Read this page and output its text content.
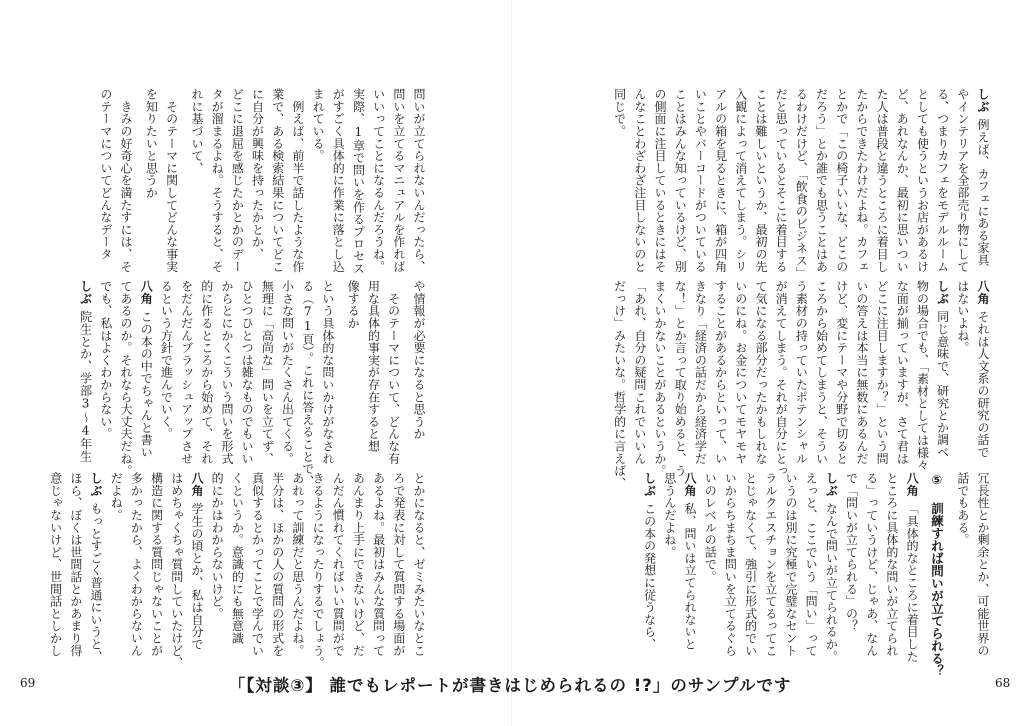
しぶ例えば、カフェにある家具
やインテリアを全部売り物にして
る、つまりカフェをモデルルーム
としても使うというお店があるけ
ど、あれなんか、最初に思いつい
た人は普段と違うところに着目し
たからできたわけだよね。カフェ
とかで「この椅子いいな、どこの
だろう」とか誰でも思うことはあ
るわけだけど、「飲食のビジネス」
だと思っているとそこに着目する
ことは難しいというか、最初の先
入観によって消えてしまう。シリ
アルの箱を見るときに、箱が四角
いことやバーコードがついている
ことはみんな知っているけど、別
の側面に注目しているときにはそ
んなことわざわざ注目しないのと
同じで。
八角それは人文系の研究の話で
はないよね。
しぶ同じ意味で、研究とか調べ
物の場合でも、「素材としては様々
な面が揃っていますが、さて君は
どこに注目しますか？」という問
いの答えは本当に無数にあるんだ
けど、変にテーマや分野で切ると
ころから始めてしまうと、そうい
う素材の持っていたポテンシャル
が消えてしまう。それが自分にとっ
て気になる部分だったかもしれな
いのにね。お金についてモヤモヤ
することがあるからといって、い
きなり「経済の話だから経済学だ
な！」とか言って取り始めると、う
まくいかないことがあるというか。
「あれ、自分の疑問これでいいん
だっけ」みたいな。哲学的に言えば、
冗長性とか剰余とか、可能世界の
話でもある。
⑤ 訓練すれば問いが立てられる？
八角「具体的なところに着目した
ところに具体的な問いが立てられ
る」っていうけど、じゃあ、なん
で「問いが立てられる」の？
しぶなんで問いが立てられるか。
えっと、ここでいう「問い」って
いうのは別に究極で完璧なセント
ラルクエスチョンを立てるってこ
とじゃなくて、強引に形式的でい
いからちまちま問いを立てるぐら
いのレベルの話で。
八角私、問いは立てられないと
思うんだよね。
しぶこの本の発想に従うなら、
68
問いが立てられないんだったら、
問いを立てるマニュアルを作れば
いいってことになるんだろうね。
実際、1章で問いを作るプロセス
がすごく具体的に作業に落とし込
まれている。
　例えば、前半で話したような作
業で、ある検索結果についてどこ
に自分が興味を持ったかとか、
どこに退屈を感じたかとかのデー
タが溜まるよね。そうすると、そ
れに基づいて、
　そのテーマに関してどんな事実
を知りたいと思うか
　きみの好奇心を満たすには、そ
のテーマについてどんなデータ
や情報が必要になると思うか
　そのテーマについて、どんな有
用な具体的事実が存在すると想
像するか
という具体的な問いかけがなされ
る（71頁）。これに答えることで、
小さな問いがたくさん出てくる。
無理に「高尚な」問いを立てず、
ひとつひとつは雑なものでもいい
からとにかくこういう問いを形式
的に作るところから始めて、それ
をだんだんブラッシュアップさせ
るという方針で進んでいく。
八角この本の中でちゃんと書い
てあるのか。それなら大丈夫だね。
でも、私はよくわからない。
しぶ院生とか、学部3〜4年生
とかになると、ゼミみたいなとこ
ろで発表に対して質問する場面が
あるよね。最初はみんな質問って
あんまり上手にできないけど、だ
んだん慣れてくればいい質問がで
きるようになったりするでしょう。
あれって訓練だと思うんだよね。
半分は、ほかの人の質問の形式を
真似するとかってことで学んでい
くというか。意識的にも無意識
的にかはわからないけど。
八角学生の頃とか、私は自分で
はめちゃくちゃ質問していたけど、
構造に関する質問じゃないことが
多かったから、よくわからないん
だよね。
しぶもっとすごく普通にいうと、
ほら、ぼくは世間話とかあまり得
意じゃないけど、世間話としかし
69	「【対談③】 誰でもレポートが書きはじめられるの !?」のサンプルです
